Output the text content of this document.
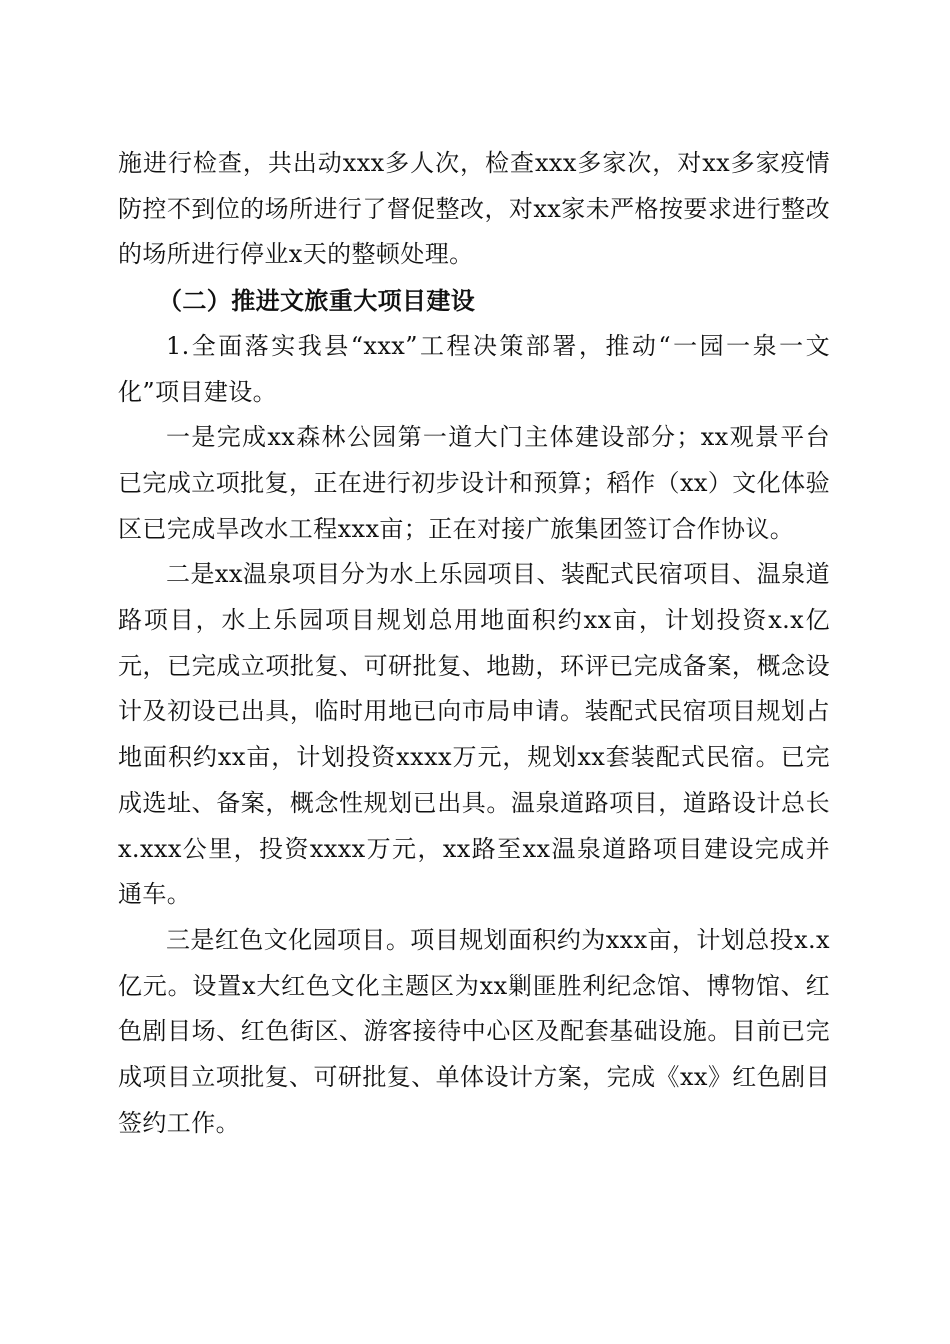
施进行检查，共出动xxx多人次，检查xxx多家次，对xx多家疫情防控不到位的场所进行了督促整改，对xx家未严格按要求进行整改的场所进行停业x天的整顿处理。

（二）推进文旅重大项目建设

1.全面落实我县“xxx”工程决策部署，推动“一园一泉一文化”项目建设。

一是完成xx森林公园第一道大门主体建设部分；xx观景平台已完成立项批复，正在进行初步设计和预算；稻作（xx）文化体验区已完成旱改水工程xxx亩；正在对接广旅集团签订合作协议。

二是xx温泉项目分为水上乐园项目、装配式民宿项目、温泉道路项目，水上乐园项目规划总用地面积约xx亩，计划投资x.x亿元，已完成立项批复、可研批复、地勘，环评已完成备案，概念设计及初设已出具，临时用地已向市局申请。装配式民宿项目规划占地面积约xx亩，计划投资xxxx万元，规划xx套装配式民宿。已完成选址、备案，概念性规划已出具。温泉道路项目，道路设计总长x.xxx公里，投资xxxx万元，xx路至xx温泉道路项目建设完成并通车。

三是红色文化园项目。项目规划面积约为xxx亩，计划总投x.x亿元。设置x大红色文化主题区为xx剿匪胜利纪念馆、博物馆、红色剧目场、红色街区、游客接待中心区及配套基础设施。目前已完成项目立项批复、可研批复、单体设计方案，完成《xx》红色剧目签约工作。
